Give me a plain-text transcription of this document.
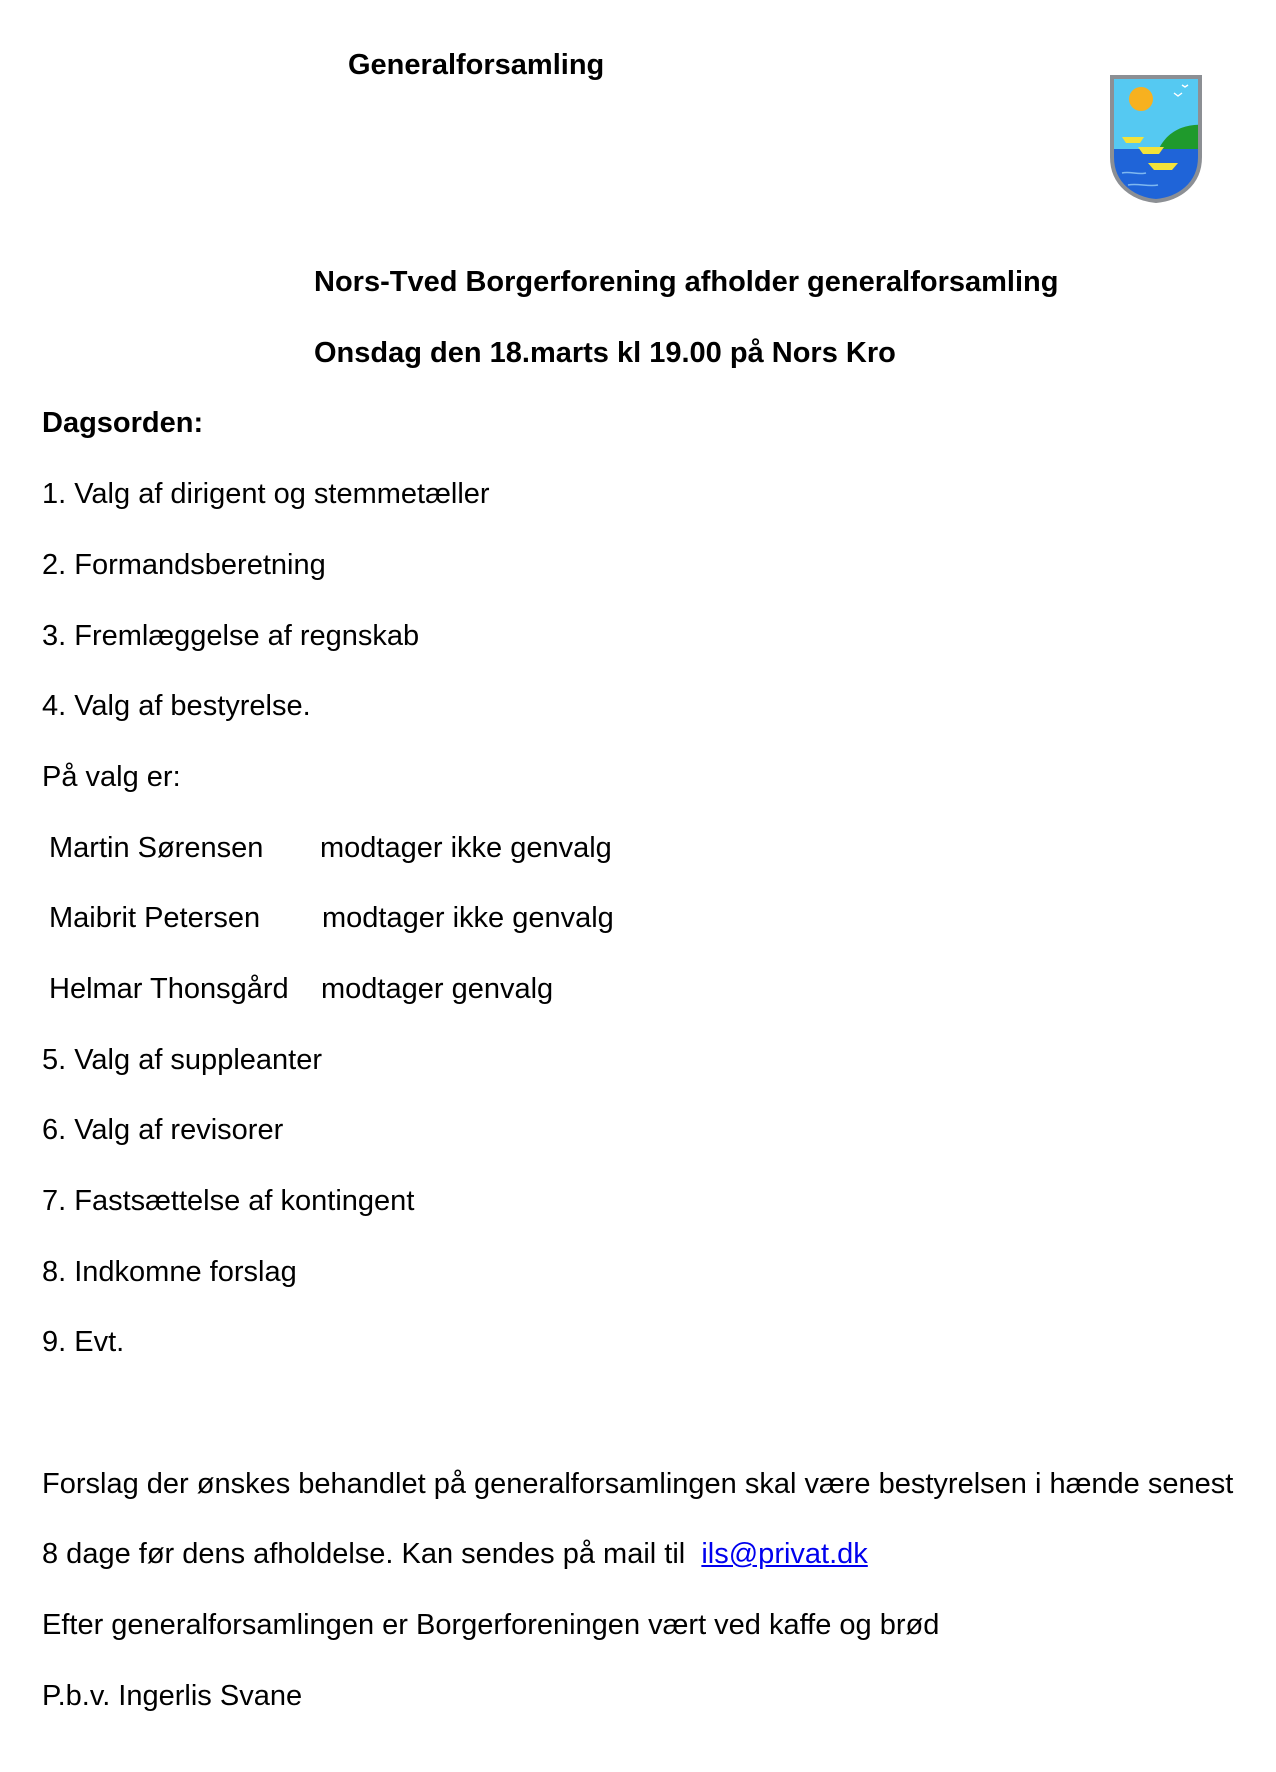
Generalforsamling

Nors-Tved Borgerforening afholder generalforsamling

Onsdag den 18.marts kl 19.00 på Nors Kro

Dagsorden:

1. Valg af dirigent og stemmetæller

2. Formandsberetning

3. Fremlæggelse af regnskab

4. Valg af bestyrelse.

På valg er:

Martin Sørensen modtager ikke genvalg

Maibrit Petersen modtager ikke genvalg

Helmar Thonsgård modtager genvalg

5. Valg af suppleanter

6. Valg af revisorer

7. Fastsættelse af kontingent

8. Indkomne forslag

9. Evt.

Forslag der ønskes behandlet på generalforsamlingen skal være bestyrelsen i hænde senest

8 dage før dens afholdelse. Kan sendes på mail til ils@privat.dk

Efter generalforsamlingen er Borgerforeningen vært ved kaffe og brød

P.b.v. Ingerlis Svane
